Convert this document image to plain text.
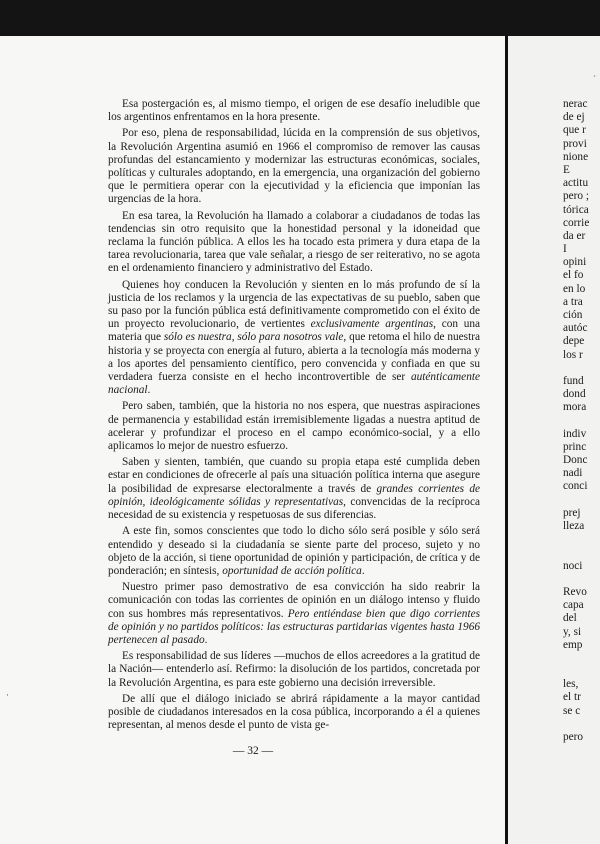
Esa postergación es, al mismo tiempo, el origen de ese desafío ineludible que los argentinos enfrentamos en la hora presente.

Por eso, plena de responsabilidad, lúcida en la comprensión de sus objetivos, la Revolución Argentina asumió en 1966 el compromiso de remover las causas profundas del estancamiento y modernizar las estructuras económicas, sociales, políticas y culturales adoptando, en la emergencia, una organización del gobierno que le permitiera operar con la ejecutividad y la eficiencia que imponían las urgencias de la hora.

En esa tarea, la Revolución ha llamado a colaborar a ciudadanos de todas las tendencias sin otro requisito que la honestidad personal y la idoneidad que reclama la función pública. A ellos les ha tocado esta primera y dura etapa de la tarea revolucionaria, tarea que vale señalar, a riesgo de ser reiterativo, no se agota en el ordenamiento financiero y administrativo del Estado.

Quienes hoy conducen la Revolución y sienten en lo más profundo de sí la justicia de los reclamos y la urgencia de las expectativas de su pueblo, saben que su paso por la función pública está definitivamente comprometido con el éxito de un proyecto revolucionario, de vertientes exclusivamente argentinas, con una materia que sólo es nuestra, sólo para nosotros vale, que retoma el hilo de nuestra historia y se proyecta con energía al futuro, abierta a la tecnología más moderna y a los aportes del pensamiento científico, pero convencida y confiada en que su verdadera fuerza consiste en el hecho incontrovertible de ser auténticamente nacional.

Pero saben, también, que la historia no nos espera, que nuestras aspiraciones de permanencia y estabilidad están irremisiblemente ligadas a nuestra aptitud de acelerar y profundizar el proceso en el campo económico-social, y a ello aplicamos lo mejor de nuestro esfuerzo.

Saben y sienten, también, que cuando su propia etapa esté cumplida deben estar en condiciones de ofrecerle al país una situación política interna que asegure la posibilidad de expresarse electoralmente a través de grandes corrientes de opinión, ideológicamente sólidas y representativas, convencidas de la recíproca necesidad de su existencia y respetuosas de sus diferencias.

A este fin, somos conscientes que todo lo dicho sólo será posible y sólo será entendido y deseado si la ciudadanía se siente parte del proceso, sujeto y no objeto de la acción, si tiene oportunidad de opinión y participación, de crítica y de ponderación; en síntesis, oportunidad de acción política.

Nuestro primer paso demostrativo de esa convicción ha sido reabrir la comunicación con todas las corrientes de opinión en un diálogo intenso y fluido con sus hombres más representativos. Pero entiéndase bien que digo corrientes de opinión y no partidos políticos: las estructuras partidarias vigentes hasta 1966 pertenecen al pasado.

Es responsabilidad de sus líderes —muchos de ellos acreedores a la gratitud de la Nación— entenderlo así. Refirmo: la disolución de los partidos, concretada por la Revolución Argentina, es para este gobierno una decisión irreversible.

De allí que el diálogo iniciado se abrirá rápidamente a la mayor cantidad posible de ciudadanos interesados en la cosa pública, incorporando a él a quienes representan, al menos desde el punto de vista ge-

— 32 —
nerac
de ej
que r
provi
nione
E
actitu
pero ;
tórica
corrie
da er
I
opini
el fo
en lo
a tra
ción
autóc
depe
los r
fund
dond
mora
indiv
princ
Donc
nadi
conci
prej
lleza
noci
Revo
capa
del
y, si
emp
les,
el tr
se c
pero
´
·
